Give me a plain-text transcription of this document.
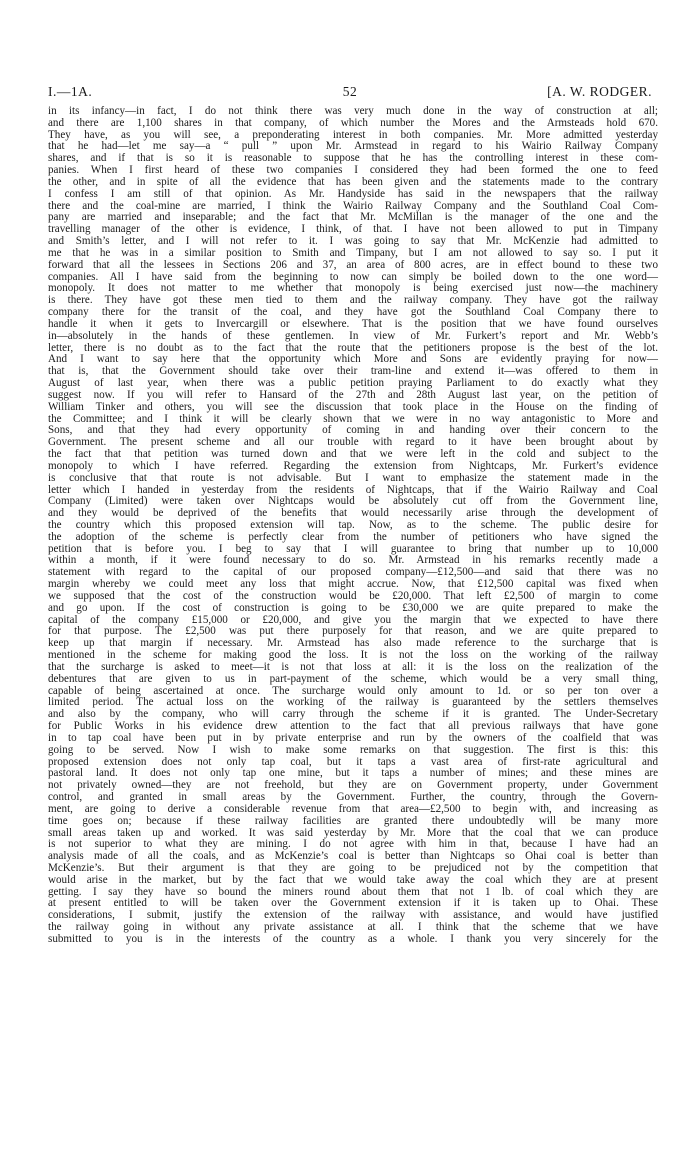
I.—1A.	52	[A. W. RODGER.
in its infancy—in fact, I do not think there was very much done in the way of construction at all;
and there are 1,100 shares in that company, of which number the Mores and the Armsteads hold 670.
They have, as you will see, a preponderating interest in both companies. Mr. More admitted yesterday
that he had—let me say—a “ pull ” upon Mr. Armstead in regard to his Wairio Railway Company
shares, and if that is so it is reasonable to suppose that he has the controlling interest in these com-
panies. When I first heard of these two companies I considered they had been formed the one to feed
the other, and in spite of all the evidence that has been given and the statements made to the contrary
I confess I am still of that opinion. As Mr. Handyside has said in the newspapers that the railway
there and the coal-mine are married, I think the Wairio Railway Company and the Southland Coal Com-
pany are married and inseparable; and the fact that Mr. McMillan is the manager of the one and the
travelling manager of the other is evidence, I think, of that. I have not been allowed to put in Timpany
and Smith’s letter, and I will not refer to it. I was going to say that Mr. McKenzie had admitted to
me that he was in a similar position to Smith and Timpany, but I am not allowed to say so. I put it
forward that all the lessees in Sections 206 and 37, an area of 800 acres, are in effect bound to these two
companies. All I have said from the beginning to now can simply be boiled down to the one word—
monopoly. It does not matter to me whether that monopoly is being exercised just now—the machinery
is there. They have got these men tied to them and the railway company. They have got the railway
company there for the transit of the coal, and they have got the Southland Coal Company there to
handle it when it gets to Invercargill or elsewhere. That is the position that we have found ourselves
in—absolutely in the hands of these gentlemen. In view of Mr. Furkert’s report and Mr. Webb’s
letter, there is no doubt as to the fact that the route that the petitioners propose is the best of the lot.
And I want to say here that the opportunity which More and Sons are evidently praying for now—
that is, that the Government should take over their tram-line and extend it—was offered to them in
August of last year, when there was a public petition praying Parliament to do exactly what they
suggest now. If you will refer to Hansard of the 27th and 28th August last year, on the petition of
William Tinker and others, you will see the discussion that took place in the House on the finding of
the Committee; and I think it will be clearly shown that we were in no way antagonistic to More and
Sons, and that they had every opportunity of coming in and handing over their concern to the
Government. The present scheme and all our trouble with regard to it have been brought about by
the fact that that petition was turned down and that we were left in the cold and subject to the
monopoly to which I have referred. Regarding the extension from Nightcaps, Mr. Furkert’s evidence
is conclusive that that route is not advisable. But I want to emphasize the statement made in the
letter which I handed in yesterday from the residents of Nightcaps, that if the Wairio Railway and Coal
Company (Limited) were taken over Nightcaps would be absolutely cut off from the Government line,
and they would be deprived of the benefits that would necessarily arise through the development of
the country which this proposed extension will tap. Now, as to the scheme. The public desire for
the adoption of the scheme is perfectly clear from the number of petitioners who have signed the
petition that is before you. I beg to say that I will guarantee to bring that number up to 10,000
within a month, if it were found necessary to do so. Mr. Armstead in his remarks recently made a
statement with regard to the capital of our proposed company—£12,500—and said that there was no
margin whereby we could meet any loss that might accrue. Now, that £12,500 capital was fixed when
we supposed that the cost of the construction would be £20,000. That left £2,500 of margin to come
and go upon. If the cost of construction is going to be £30,000 we are quite prepared to make the
capital of the company £15,000 or £20,000, and give you the margin that we expected to have there
for that purpose. The £2,500 was put there purposely for that reason, and we are quite prepared to
keep up that margin if necessary. Mr. Armstead has also made reference to the surcharge that is
mentioned in the scheme for making good the loss. It is not the loss on the working of the railway
that the surcharge is asked to meet—it is not that loss at all: it is the loss on the realization of the
debentures that are given to us in part-payment of the scheme, which would be a very small thing,
capable of being ascertained at once. The surcharge would only amount to 1d. or so per ton over a
limited period. The actual loss on the working of the railway is guaranteed by the settlers themselves
and also by the company, who will carry through the scheme if it is granted. The Under-Secretary
for Public Works in his evidence drew attention to the fact that all previous railways that have gone
in to tap coal have been put in by private enterprise and run by the owners of the coalfield that was
going to be served. Now I wish to make some remarks on that suggestion. The first is this: this
proposed extension does not only tap coal, but it taps a vast area of first-rate agricultural and
pastoral land. It does not only tap one mine, but it taps a number of mines; and these mines are
not privately owned—they are not freehold, but they are on Government property, under Government
control, and granted in small areas by the Government. Further, the country, through the Govern-
ment, are going to derive a considerable revenue from that area—£2,500 to begin with, and increasing as
time goes on; because if these railway facilities are granted there undoubtedly will be many more
small areas taken up and worked. It was said yesterday by Mr. More that the coal that we can produce
is not superior to what they are mining. I do not agree with him in that, because I have had an
analysis made of all the coals, and as McKenzie’s coal is better than Nightcaps so Ohai coal is better than
McKenzie’s. But their argument is that they are going to be prejudiced not by the competition that
would arise in the market, but by the fact that we would take away the coal which they are at present
getting. I say they have so bound the miners round about them that not 1 lb. of coal which they are
at present entitled to will be taken over the Government extension if it is taken up to Ohai. These
considerations, I submit, justify the extension of the railway with assistance, and would have justified
the railway going in without any private assistance at all. I think that the scheme that we have
submitted to you is in the interests of the country as a whole. I thank you very sincerely for the
